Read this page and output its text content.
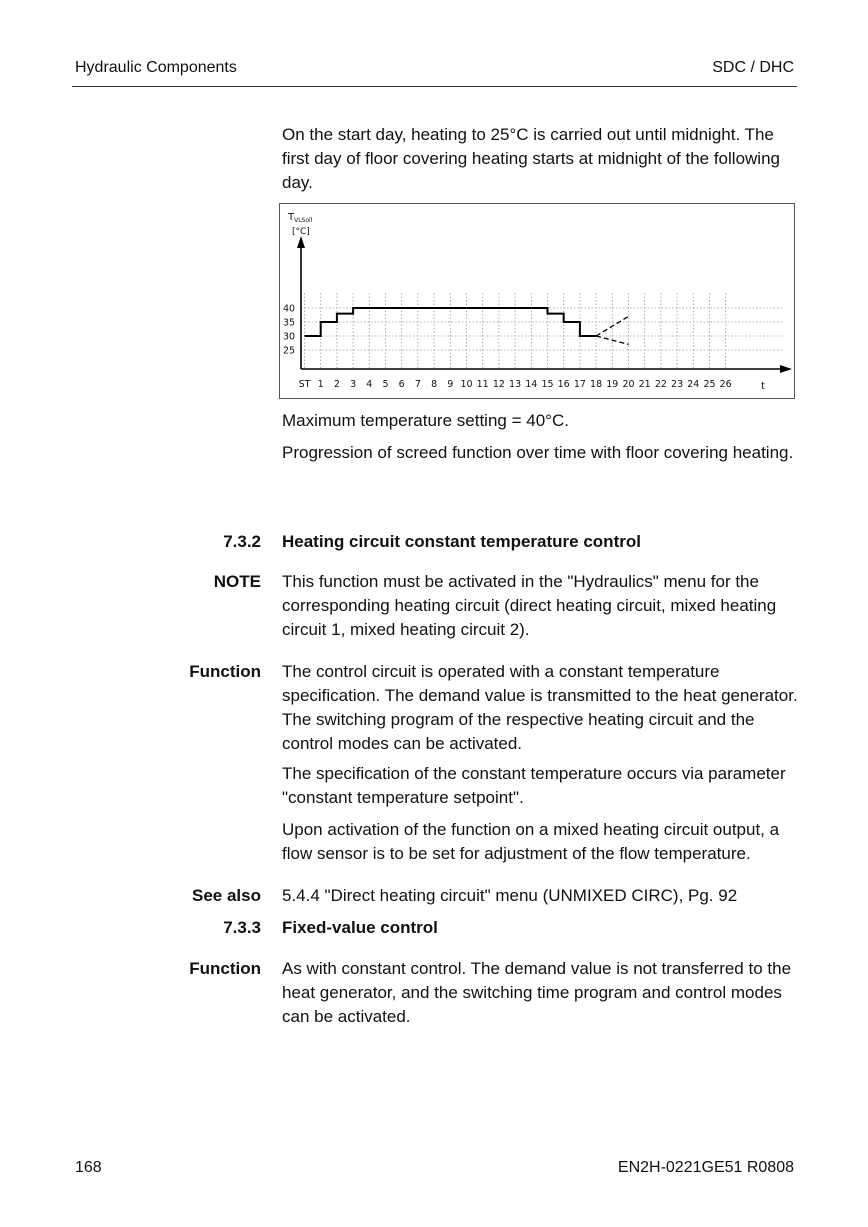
Hydraulic Components	SDC / DHC

On the start day, heating to 25°C is carried out until midnight. The first day of floor covering heating starts at midnight of the following day.

$T_{VLSoll}$
[°C]
25
30
35
40
ST 1 2 3 4 5 6 7 8 9 10 11 12 13 14 15 16 17 18 19 20 21 22 23 24 25 26	t

Maximum temperature setting = 40°C.

Progression of screed function over time with floor covering heating.

7.3.2 Heating circuit constant temperature control
NOTE This function must be activated in the "Hydraulics" menu for the corresponding heating circuit (direct heating circuit, mixed heating circuit 1, mixed heating circuit 2).

Function The control circuit is operated with a constant temperature specification. The demand value is transmitted to the heat generator. The switching program of the respective heating circuit and the control modes can be activated.

The specification of the constant temperature occurs via parameter "constant temperature setpoint".

Upon activation of the function on a mixed heating circuit output, a flow sensor is to be set for adjustment of the flow temperature.

See also 5.4.4 "Direct heating circuit" menu (UNMIXED CIRC), Pg. 92

7.3.3 Fixed-value control
Function As with constant control. The demand value is not transferred to the heat generator, and the switching time program and control modes can be activated.

168	EN2H-0221GE51 R0808
